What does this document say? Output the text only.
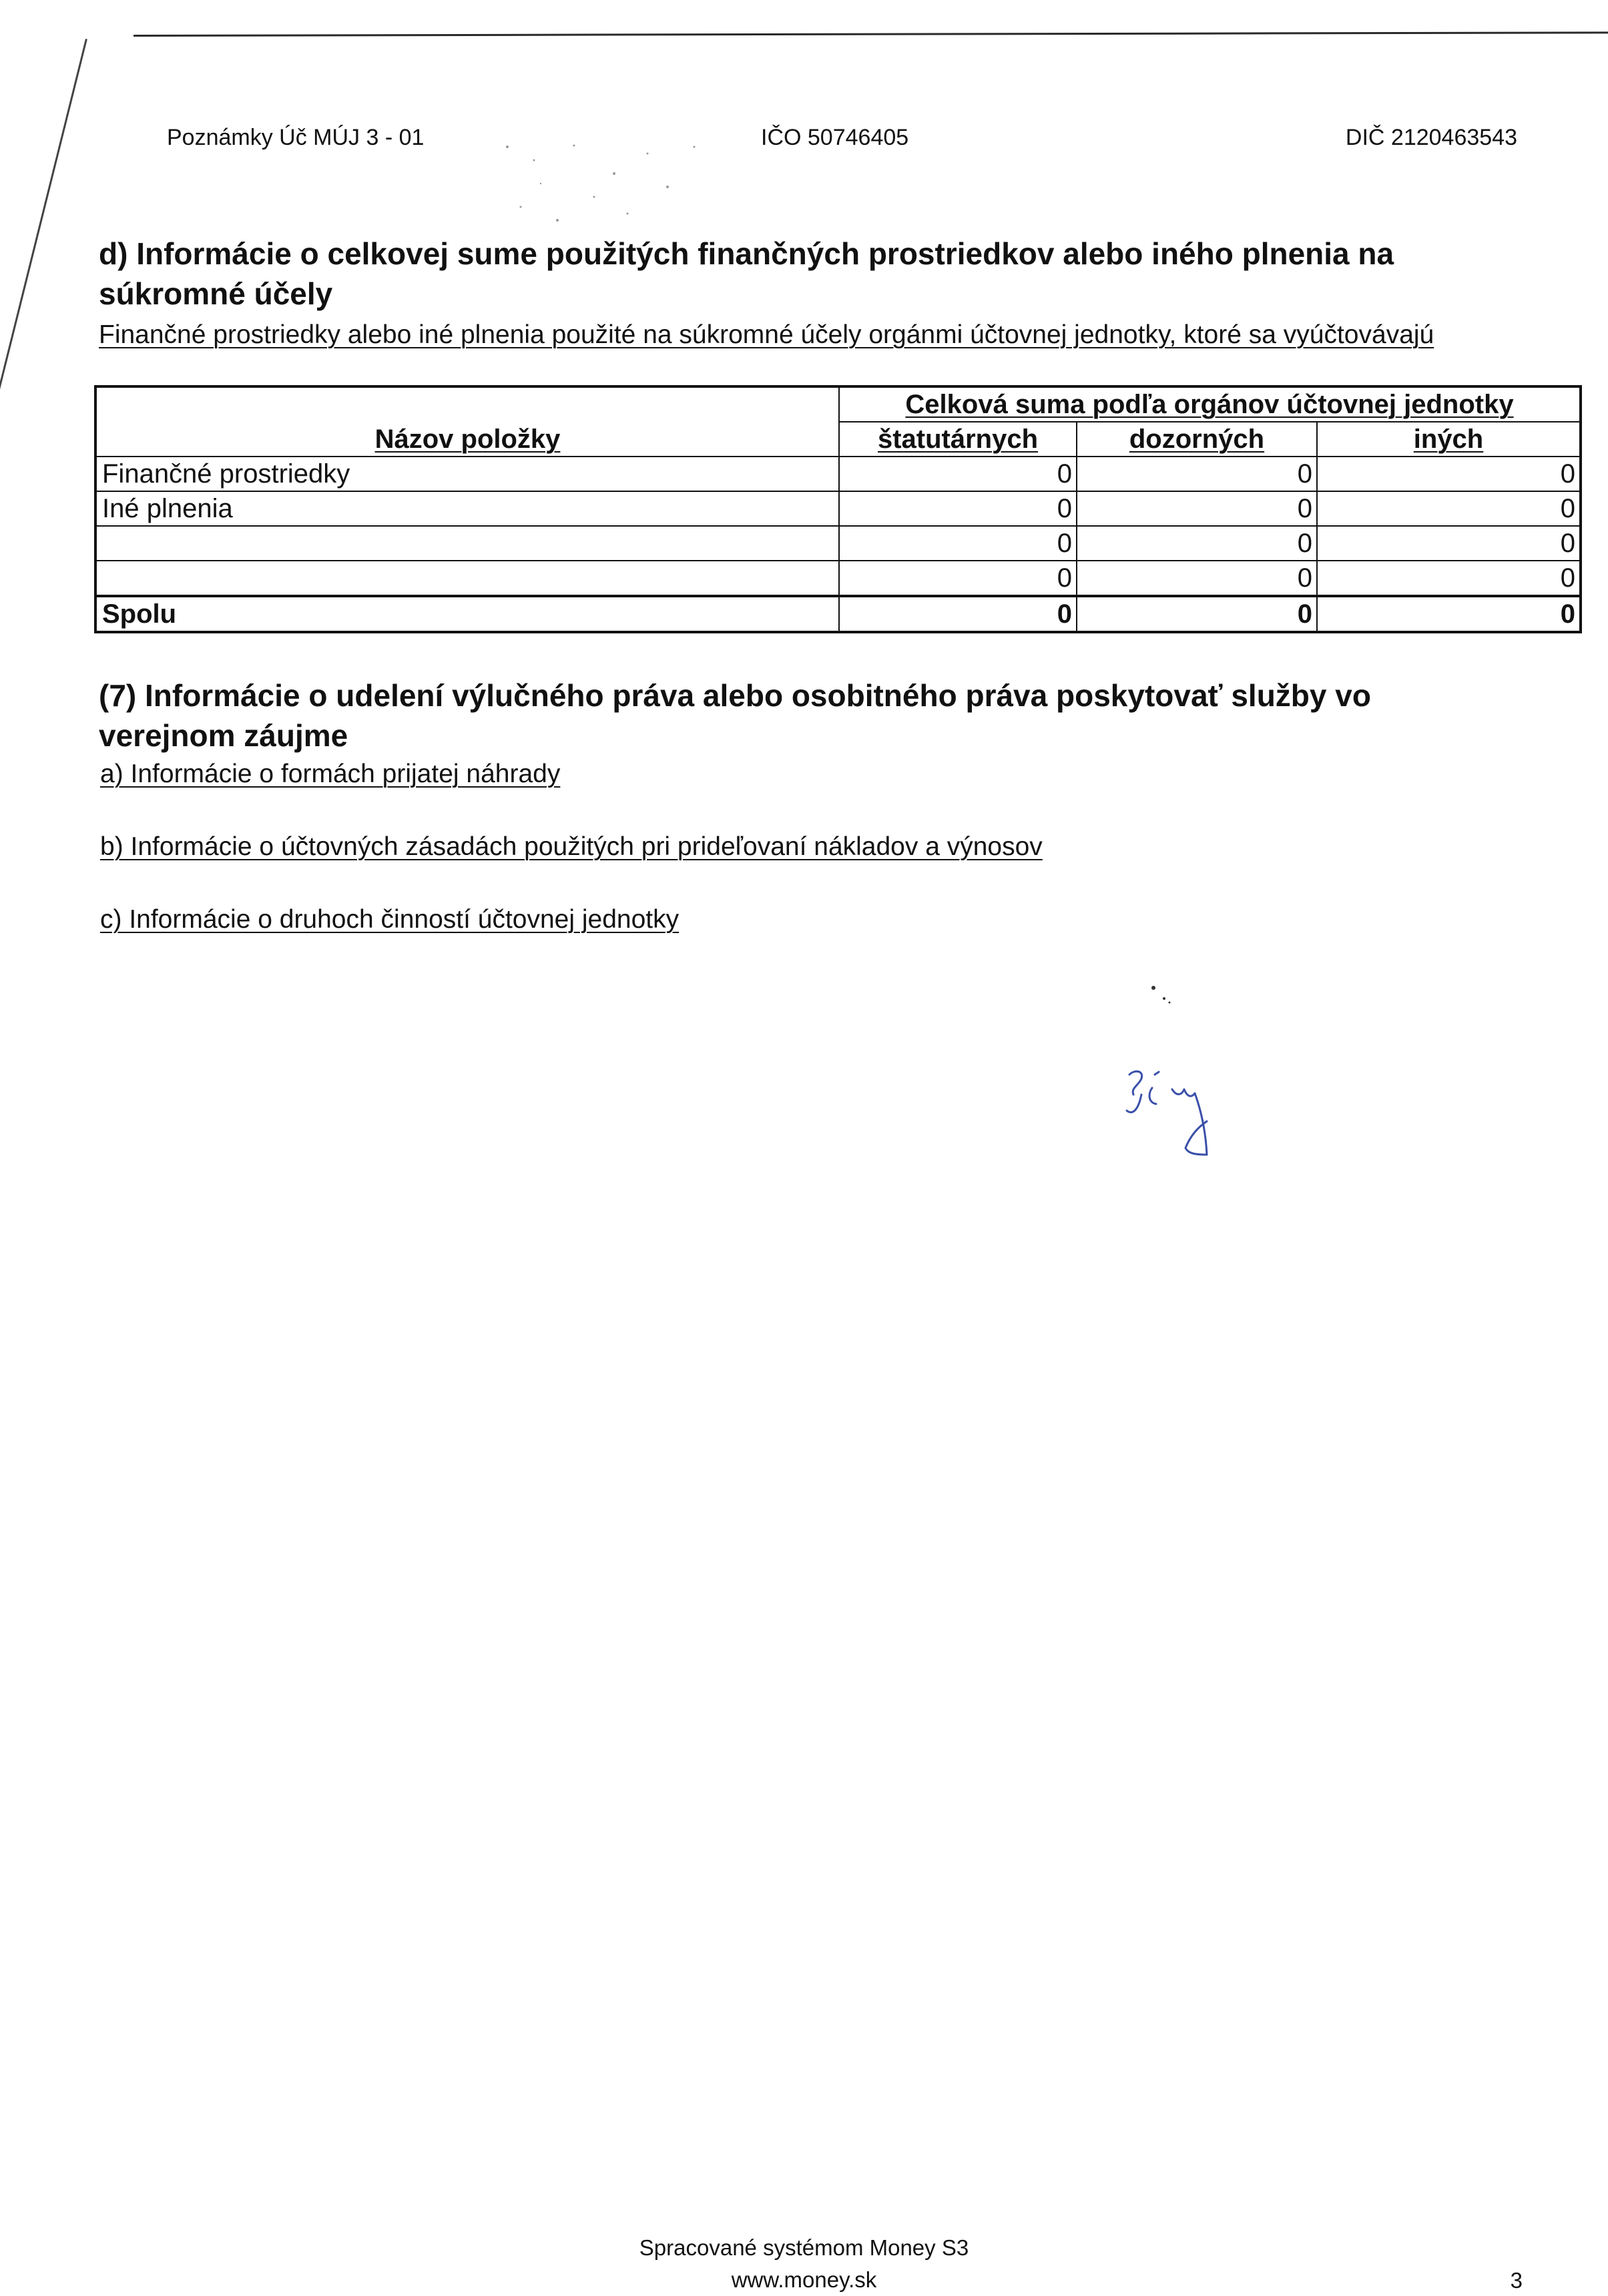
Poznámky Úč MÚJ 3 - 01	IČO 50746405	DIČ 2120463543
d) Informácie o celkovej sume použitých finančných prostriedkov alebo iného plnenia na súkromné účely
Finančné prostriedky alebo iné plnenia použité na súkromné účely orgánmi účtovnej jednotky, ktoré sa vyúčtovávajú
Názov položky	Celková suma podľa orgánov účtovnej jednotky		
	štatutárnych	dozorných	iných
Finančné prostriedky	0	0	0
Iné plnenia	0	0	0
	0	0	0
	0	0	0
Spolu	0	0	0
(7) Informácie o udelení výlučného práva alebo osobitného práva poskytovať služby vo verejnom záujme
a) Informácie o formách prijatej náhrady
b) Informácie o účtovných zásadách použitých pri prideľovaní nákladov a výnosov
c) Informácie o druhoch činností účtovnej jednotky
Spracované systémom Money S3
www.money.sk	3
